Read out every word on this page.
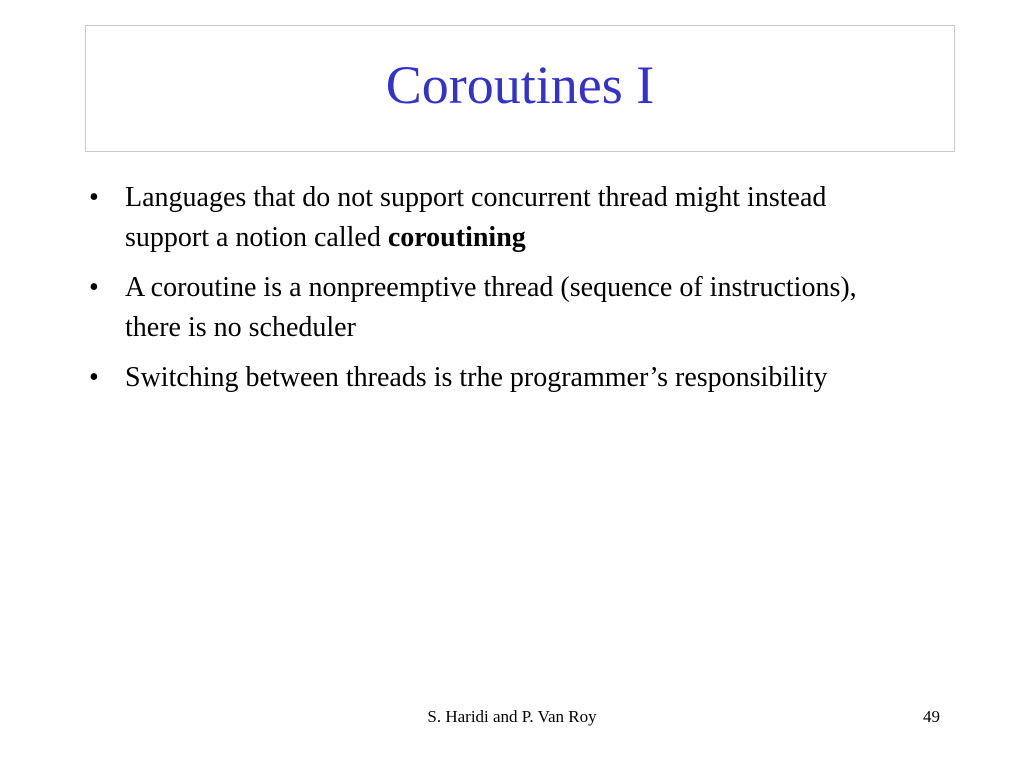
Coroutines I
• Languages that do not support concurrent thread might instead support a notion called coroutining
• A coroutine is a nonpreemptive thread (sequence of instructions), there is no scheduler
• Switching between threads is trhe programmer’s responsibility
S. Haridi and P. Van Roy	49
